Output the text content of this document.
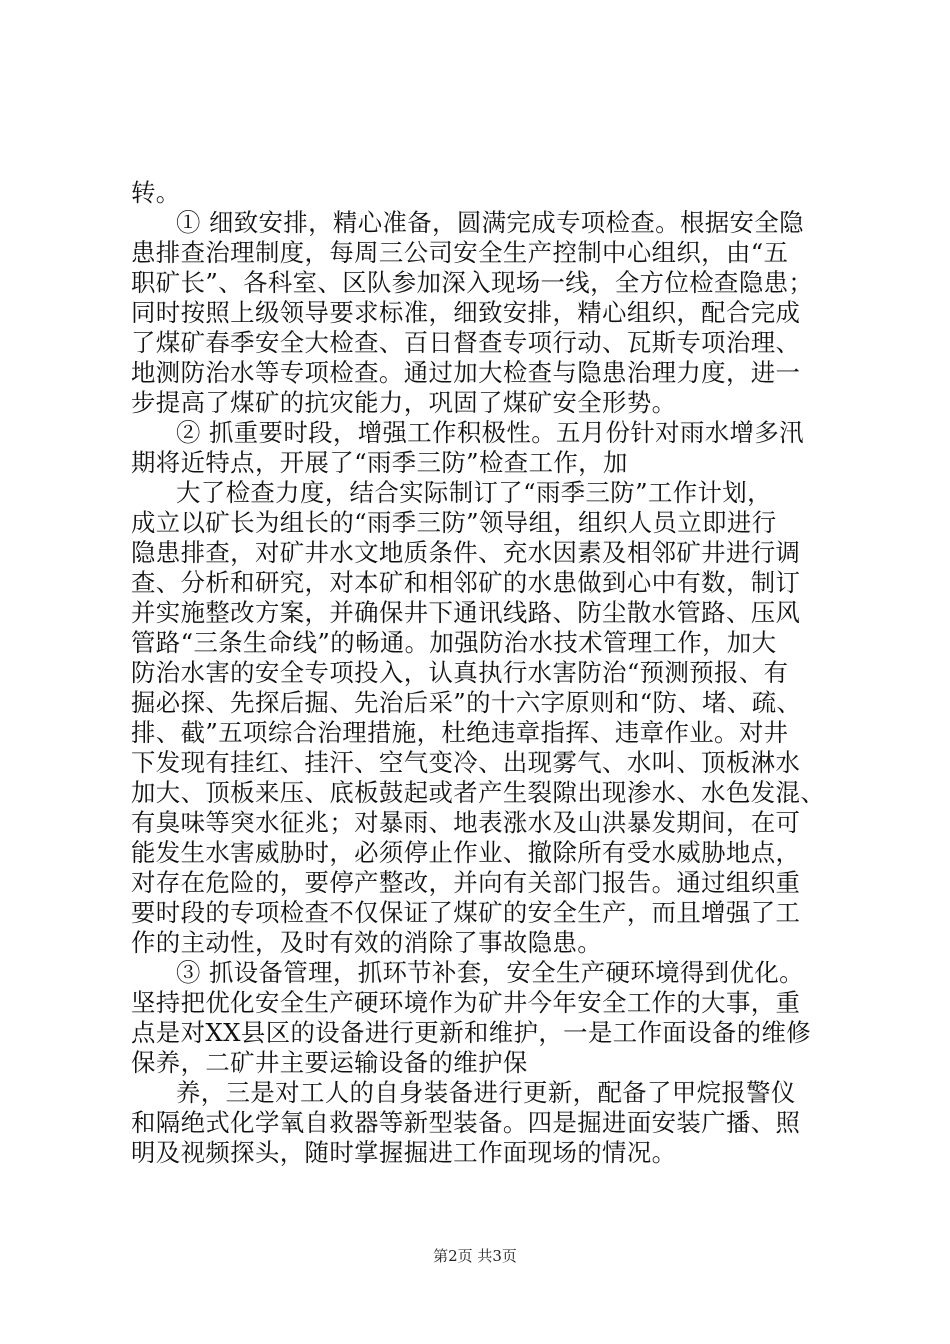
转。
① 细致安排，精心准备，圆满完成专项检查。根据安全隐
患排查治理制度，每周三公司安全生产控制中心组织，由“五
职矿长”、各科室、区队参加深入现场一线，全方位检查隐患；
同时按照上级领导要求标准，细致安排，精心组织，配合完成
了煤矿春季安全大检查、百日督查专项行动、瓦斯专项治理、
地测防治水等专项检查。通过加大检查与隐患治理力度，进一
步提高了煤矿的抗灾能力，巩固了煤矿安全形势。
② 抓重要时段，增强工作积极性。五月份针对雨水增多汛
期将近特点，开展了“雨季三防”检查工作，加
大了检查力度，结合实际制订了“雨季三防”工作计划，
成立以矿长为组长的“雨季三防”领导组，组织人员立即进行
隐患排查，对矿井水文地质条件、充水因素及相邻矿井进行调
查、分析和研究，对本矿和相邻矿的水患做到心中有数，制订
并实施整改方案，并确保井下通讯线路、防尘散水管路、压风
管路“三条生命线”的畅通。加强防治水技术管理工作，加大
防治水害的安全专项投入，认真执行水害防治“预测预报、有
掘必探、先探后掘、先治后采”的十六字原则和“防、堵、疏、
排、截”五项综合治理措施，杜绝违章指挥、违章作业。对井
下发现有挂红、挂汗、空气变冷、出现雾气、水叫、顶板淋水
加大、顶板来压、底板鼓起或者产生裂隙出现渗水、水色发混、
有臭味等突水征兆；对暴雨、地表涨水及山洪暴发期间，在可
能发生水害威胁时，必须停止作业、撤除所有受水威胁地点，
对存在危险的，要停产整改，并向有关部门报告。通过组织重
要时段的专项检查不仅保证了煤矿的安全生产，而且增强了工
作的主动性，及时有效的消除了事故隐患。
③ 抓设备管理，抓环节补套，安全生产硬环境得到优化。
坚持把优化安全生产硬环境作为矿井今年安全工作的大事，重
点是对XX县区的设备进行更新和维护，一是工作面设备的维修
保养，二矿井主要运输设备的维护保
养，三是对工人的自身装备进行更新，配备了甲烷报警仪
和隔绝式化学氧自救器等新型装备。四是掘进面安装广播、照
明及视频探头，随时掌握掘进工作面现场的情况。
第2页 共3页
